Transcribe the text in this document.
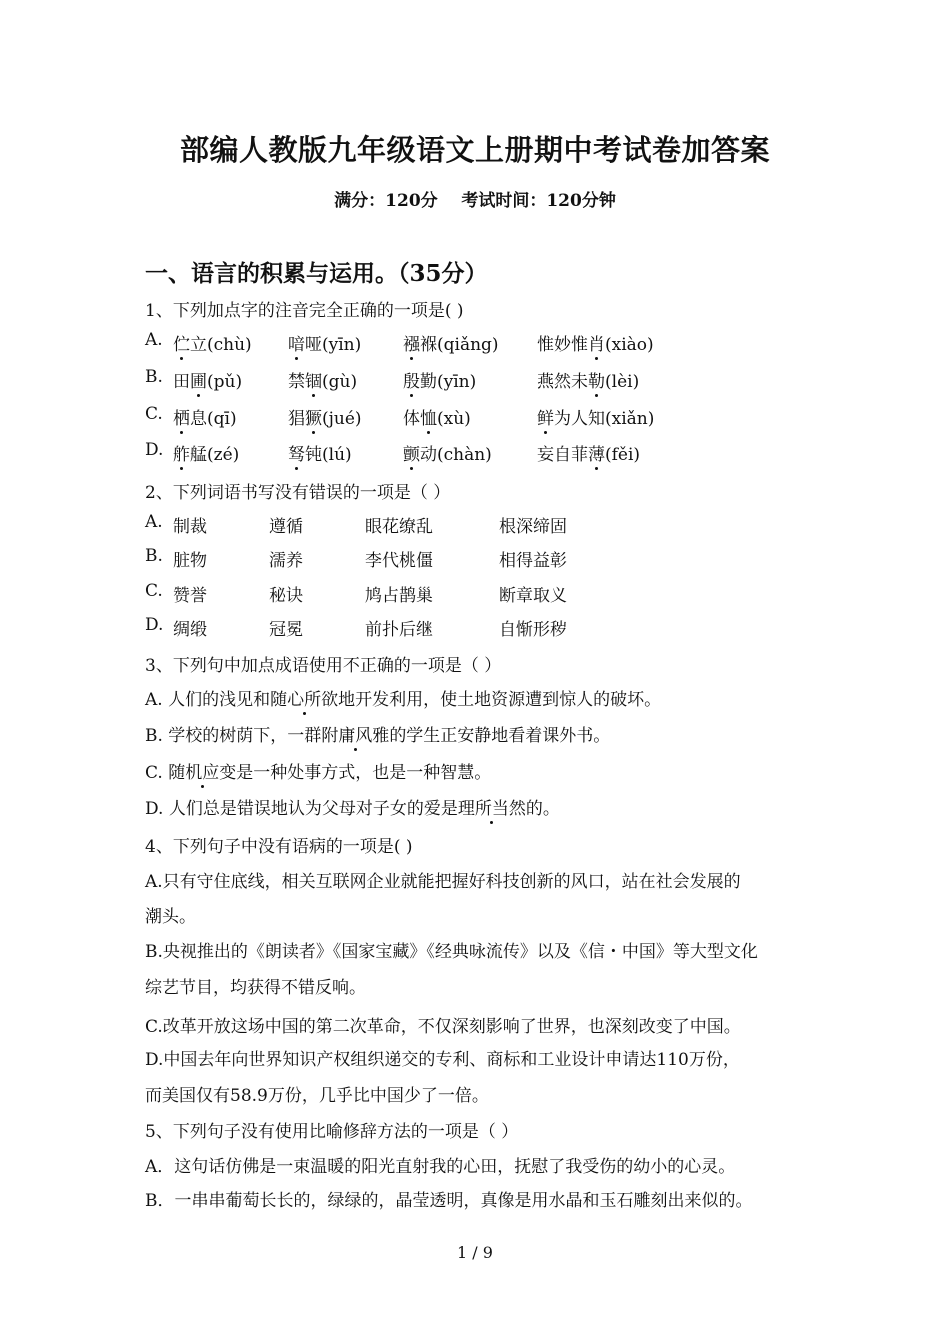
部编人教版九年级语文上册期中考试卷加答案
满分：120分    考试时间：120分钟
一、语言的积累与运用。（35分）
1、下列加点字的注音完全正确的一项是( )
A. 伫立(chù) 喑哑(yīn) 襁褓(qiǎng) 惟妙惟肖(xiào)
B. 田圃(pǔ)	禁锢(gù)	殷勤(yīn)	燕然未勒(lèi)
C. 栖息(qī)	猖獗(jué) 体恤(xù)	鲜为人知(xiǎn)
D. 舴艋(zé)	驽钝(lú)	颤动(chàn)	妄自菲薄(fěi)
2、下列词语书写没有错误的一项是（ ）
A. 制裁	遵循	眼花缭乱	根深缔固
B. 脏物	濡养	李代桃僵	相得益彰
C. 赞誉	秘诀	鸠占鹊巢	断章取义
D. 绸缎	冠冕	前扑后继	自惭形秽
3、下列句中加点成语使用不正确的一项是（ ）
A. 人们的浅见和随心所欲地开发利用，使土地资源遭到惊人的破坏。
B. 学校的树荫下，一群附庸风雅的学生正安静地看着课外书。
C. 随机应变是一种处事方式，也是一种智慧。
D. 人们总是错误地认为父母对子女的爱是理所当然的。
4、下列句子中没有语病的一项是( )
A.只有守住底线，相关互联网企业就能把握好科技创新的风口，站在社会发展的
潮头。
B.央视推出的《朗读者》《国家宝藏》《经典咏流传》以及《信・中国》等大型文化
综艺节目，均获得不错反响。
C.改革开放这场中国的第二次革命，不仅深刻影响了世界，也深刻改变了中国。
D.中国去年向世界知识产权组织递交的专利、商标和工业设计申请达110万份，
而美国仅有58.9万份，几乎比中国少了一倍。
5、下列句子没有使用比喻修辞方法的一项是（ ）
A．这句话仿佛是一束温暖的阳光直射我的心田，抚慰了我受伤的幼小的心灵。
B．一串串葡萄长长的，绿绿的，晶莹透明，真像是用水晶和玉石雕刻出来似的。
1 / 9
